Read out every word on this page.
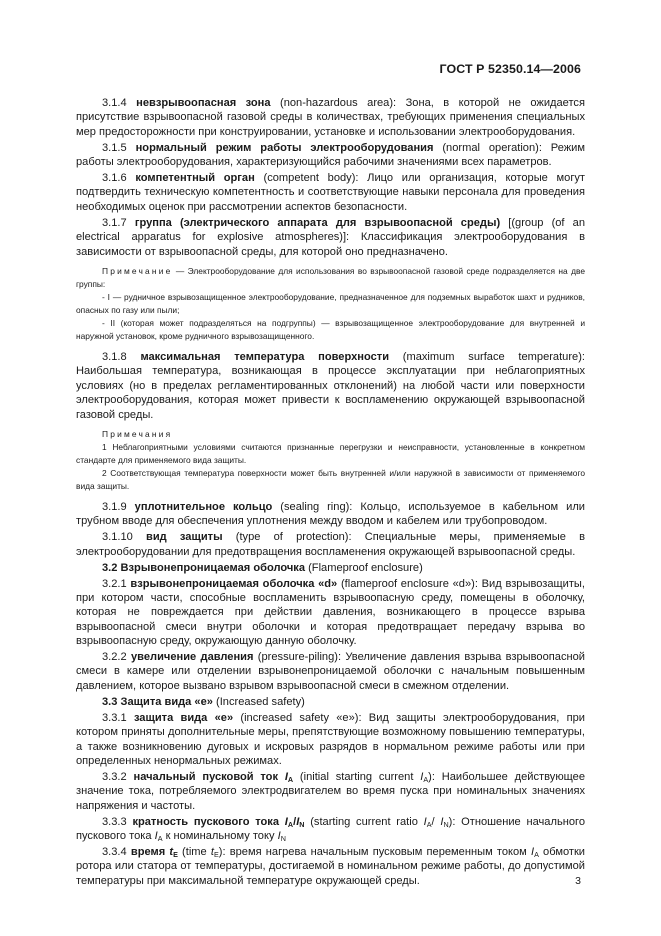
ГОСТ Р 52350.14—2006

3.1.4 невзрывоопасная зона (non-hazardous area): Зона, в которой не ожидается присутствие взрывоопасной газовой среды в количествах, требующих применения специальных мер предосторожности при конструировании, установке и использовании электрооборудования.

3.1.5 нормальный режим работы электрооборудования (normal operation): Режим работы электрооборудования, характеризующийся рабочими значениями всех параметров.

3.1.6 компетентный орган (competent body): Лицо или организация, которые могут подтвердить техническую компетентность и соответствующие навыки персонала для проведения необходимых оценок при рассмотрении аспектов безопасности.

3.1.7 группа (электрического аппарата для взрывоопасной среды) [(group (of an electrical apparatus for explosive atmospheres)]: Классификация электрооборудования в зависимости от взрывоопасной среды, для которой оно предназначено.

Примечание — Электрооборудование для использования во взрывоопасной газовой среде подразделяется на две группы:

- I — рудничное взрывозащищенное электрооборудование, предназначенное для подземных выработок шахт и рудников, опасных по газу или пыли;

- II (которая может подразделяться на подгруппы) — взрывозащищенное электрооборудование для внутренней и наружной установок, кроме рудничного взрывозащищенного.

3.1.8 максимальная температура поверхности (maximum surface temperature): Наибольшая температура, возникающая в процессе эксплуатации при неблагоприятных условиях (но в пределах регламентированных отклонений) на любой части или поверхности электрооборудования, которая может привести к воспламенению окружающей взрывоопасной газовой среды.

Примечания

1 Неблагоприятными условиями считаются признанные перегрузки и неисправности, установленные в конкретном стандарте для применяемого вида защиты.

2 Соответствующая температура поверхности может быть внутренней и/или наружной в зависимости от применяемого вида защиты.

3.1.9 уплотнительное кольцо (sealing ring): Кольцо, используемое в кабельном или трубном вводе для обеспечения уплотнения между вводом и кабелем или трубопроводом.

3.1.10 вид защиты (type of protection): Специальные меры, применяемые в электрооборудовании для предотвращения воспламенения окружающей взрывоопасной среды.

3.2 Взрывонепроницаемая оболочка (Flameproof enclosure)

3.2.1 взрывонепроницаемая оболочка «d» (flameproof enclosure «d»): Вид взрывозащиты, при котором части, способные воспламенить взрывоопасную среду, помещены в оболочку, которая не повреждается при действии давления, возникающего в процессе взрыва взрывоопасной смеси внутри оболочки и которая предотвращает передачу взрыва во взрывоопасную среду, окружающую данную оболочку.

3.2.2 увеличение давления (pressure-piling): Увеличение давления взрыва взрывоопасной смеси в камере или отделении взрывонепроницаемой оболочки с начальным повышенным давлением, которое вызвано взрывом взрывоопасной смеси в смежном отделении.

3.3 Защита вида «е» (Increased safety)

3.3.1 защита вида «е» (increased safety «е»): Вид защиты электрооборудования, при котором приняты дополнительные меры, препятствующие возможному повышению температуры, а также возникновению дуговых и искровых разрядов в нормальном режиме работы или при определенных ненормальных режимах.

3.3.2 начальный пусковой ток $I_A$ (initial starting current $I_A$): Наибольшее действующее значение тока, потребляемого электродвигателем во время пуска при номинальных значениях напряжения и частоты.

3.3.3 кратность пускового тока $I_A/I_N$ (starting current ratio $I_A/$ $I_N$): Отношение начального пускового тока $I_A$ к номинальному току $I_N$

3.3.4 время $t_E$ (time $t_E$): время нагрева начальным пусковым переменным током $I_A$ обмотки ротора или статора от температуры, достигаемой в номинальном режиме работы, до допустимой температуры при максимальной температуре окружающей среды.	3
